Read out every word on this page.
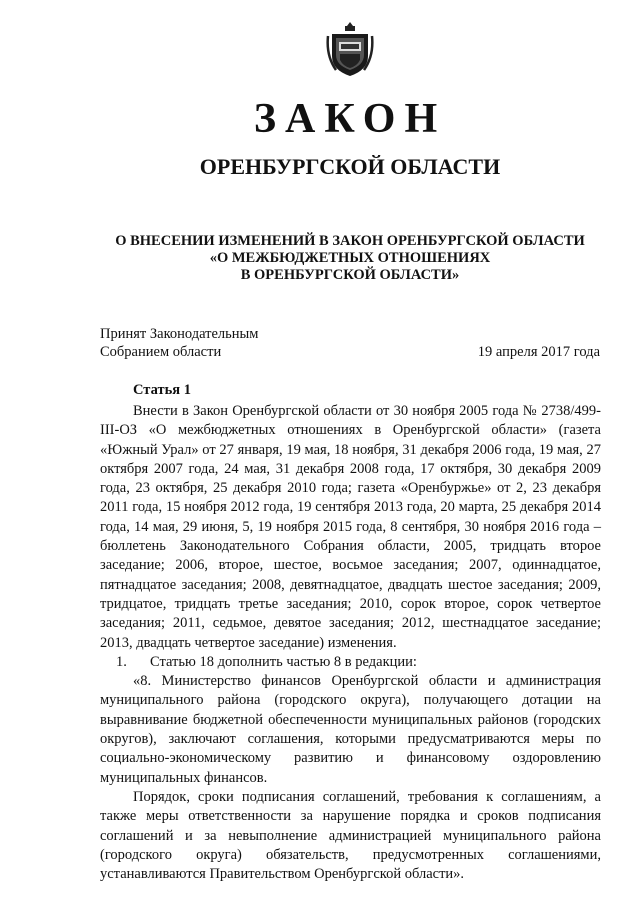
ЗАКОН
ОРЕНБУРГСКОЙ ОБЛАСТИ
О ВНЕСЕНИИ ИЗМЕНЕНИЙ В ЗАКОН ОРЕНБУРГСКОЙ ОБЛАСТИ
«О МЕЖБЮДЖЕТНЫХ ОТНОШЕНИЯХ
В ОРЕНБУРГСКОЙ ОБЛАСТИ»
Принят Законодательным
Собранием области	19 апреля 2017 года
Статья 1

Внести в Закон Оренбургской области от 30 ноября 2005 года № 2738/499-III-ОЗ «О межбюджетных отношениях в Оренбургской области» (газета «Южный Урал» от 27 января, 19 мая, 18 ноября, 31 декабря 2006 года, 19 мая, 27 октября 2007 года, 24 мая, 31 декабря 2008 года, 17 октября, 30 декабря 2009 года, 23 октября, 25 декабря 2010 года; газета «Оренбуржье» от 2, 23 декабря 2011 года, 15 ноября 2012 года, 19 сентября 2013 года, 20 марта, 25 декабря 2014 года, 14 мая, 29 июня, 5, 19 ноября 2015 года, 8 сентября, 30 ноября 2016 года – бюллетень Законодательного Собрания области, 2005, тридцать второе заседание; 2006, второе, шестое, восьмое заседания; 2007, одиннадцатое, пятнадцатое заседания; 2008, девятнадцатое, двадцать шестое заседания; 2009, тридцатое, тридцать третье заседания; 2010, сорок второе, сорок четвертое заседания; 2011, седьмое, девятое заседания; 2012, шестнадцатое заседание; 2013, двадцать четвертое заседание) изменения.

1. Статью 18 дополнить частью 8 в редакции:

«8. Министерство финансов Оренбургской области и администрация муниципального района (городского округа), получающего дотации на выравнивание бюджетной обеспеченности муниципальных районов (городских округов), заключают соглашения, которыми предусматриваются меры по социально-экономическому развитию и финансовому оздоровлению муниципальных финансов.

Порядок, сроки подписания соглашений, требования к соглашениям, а также меры ответственности за нарушение порядка и сроков подписания соглашений и за невыполнение администрацией муниципального района (городского округа) обязательств, предусмотренных соглашениями, устанавливаются Правительством Оренбургской области».
